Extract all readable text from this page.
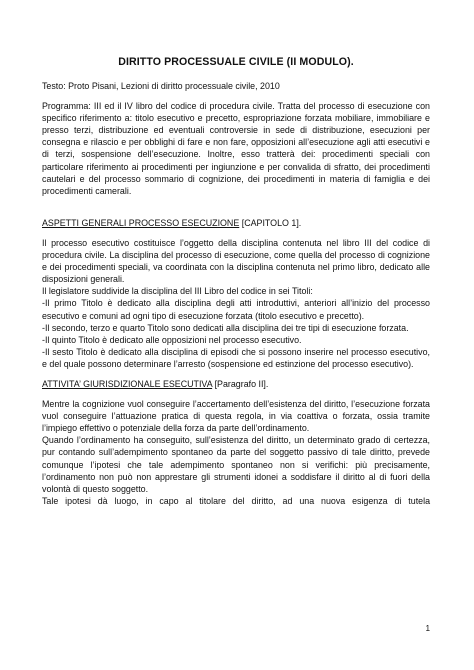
DIRITTO PROCESSUALE CIVILE (II MODULO).

Testo: Proto Pisani, Lezioni di diritto processuale civile, 2010

Programma: III ed il IV libro del codice di procedura civile. Tratta del processo di esecuzione con specifico riferimento a: titolo esecutivo e precetto, espropriazione forzata mobiliare, immobiliare e presso terzi, distribuzione ed eventuali controversie in sede di distribuzione, esecuzioni per consegna e rilascio e per obblighi di fare e non fare, opposizioni all’esecuzione agli atti esecutivi e di terzi, sospensione dell’esecuzione. Inoltre, esso tratterà dei: procedimenti speciali con particolare riferimento ai procedimenti per ingiunzione e per convalida di sfratto, dei procedimenti cautelari e del processo sommario di cognizione, dei procedimenti in materia di famiglia e dei procedimenti camerali.

ASPETTI GENERALI PROCESSO ESECUZIONE [CAPITOLO 1].

Il processo esecutivo costituisce l’oggetto della disciplina contenuta nel libro III del codice di procedura civile. La disciplina del processo di esecuzione, come quella del processo di cognizione e dei procedimenti speciali, va coordinata con la disciplina contenuta nel primo libro, dedicato alle disposizioni generali.

Il legislatore suddivide la disciplina del III Libro del codice in sei Titoli:

-Il primo Titolo è dedicato alla disciplina degli atti introduttivi, anteriori all’inizio del processo esecutivo e comuni ad ogni tipo di esecuzione forzata (titolo esecutivo e precetto).

-Il secondo, terzo e quarto Titolo sono dedicati alla disciplina dei tre tipi di esecuzione forzata.

-Il quinto Titolo è dedicato alle opposizioni nel processo esecutivo.

-Il sesto Titolo è dedicato alla disciplina di episodi che si possono inserire nel processo esecutivo, e del quale possono determinare l’arresto (sospensione ed estinzione del processo esecutivo).

ATTIVITA’ GIURISDIZIONALE ESECUTIVA [Paragrafo II].

Mentre la cognizione vuol conseguire l’accertamento dell’esistenza del diritto, l’esecuzione forzata vuol conseguire l’attuazione pratica di questa regola, in via coattiva o forzata, ossia tramite l’impiego effettivo o potenziale della forza da parte dell’ordinamento.

Quando l’ordinamento ha conseguito, sull’esistenza del diritto, un determinato grado di certezza, pur contando sull’adempimento spontaneo da parte del soggetto passivo di tale diritto, prevede comunque l’ipotesi che tale adempimento spontaneo non si verifichi: più precisamente, l’ordinamento non può non apprestare gli strumenti idonei a soddisfare il diritto al di fuori della volontà di questo soggetto.

Tale ipotesi dà luogo, in capo al titolare del diritto, ad una nuova esigenza di tutela

1
